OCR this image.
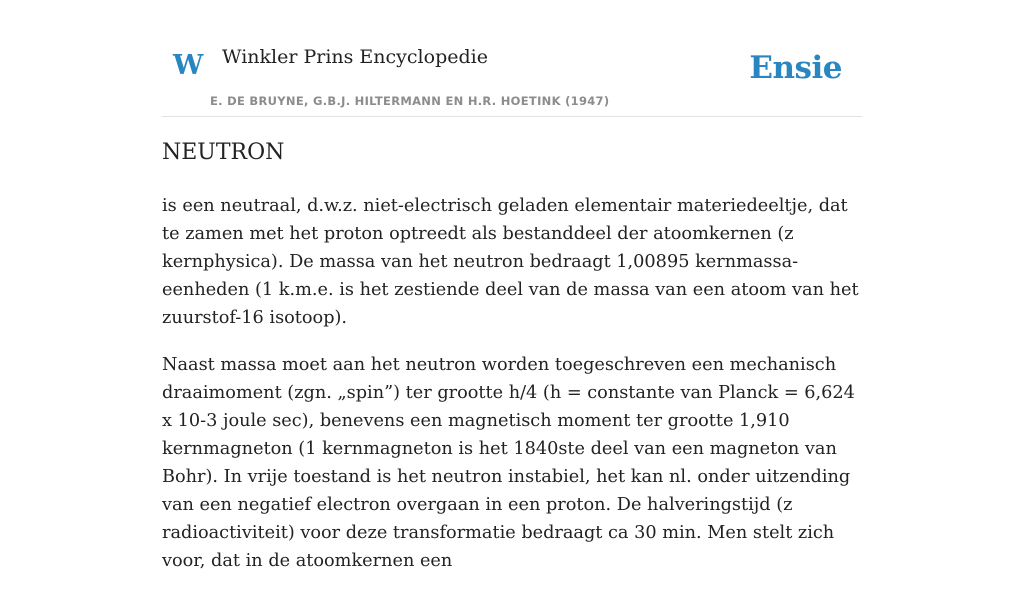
W Winkler Prins Encyclopedie
E. DE BRUYNE, G.B.J. HILTERMANN EN H.R. HOETINK (1947)
Ensie
NEUTRON

is een neutraal, d.w.z. niet-electrisch geladen elementair materiedeeltje, dat te zamen met het proton optreedt als bestanddeel der atoomkernen (z kernphysica). De massa van het neutron bedraagt 1,00895 kernmassa-eenheden (1 k.m.e. is het zestiende deel van de massa van een atoom van het zuurstof-16 isotoop).

Naast massa moet aan het neutron worden toegeschreven een mechanisch draaimoment (zgn. „spin”) ter grootte h/4 (h = constante van Planck = 6,624 x 10-3 joule sec), benevens een magnetisch moment ter grootte 1,910 kernmagneton (1 kernmagneton is het 1840ste deel van een magneton van Bohr). In vrije toestand is het neutron instabiel, het kan nl. onder uitzending van een negatief electron overgaan in een proton. De halveringstijd (z radioactiviteit) voor deze transformatie bedraagt ca 30 min. Men stelt zich voor, dat in de atoomkernen een
